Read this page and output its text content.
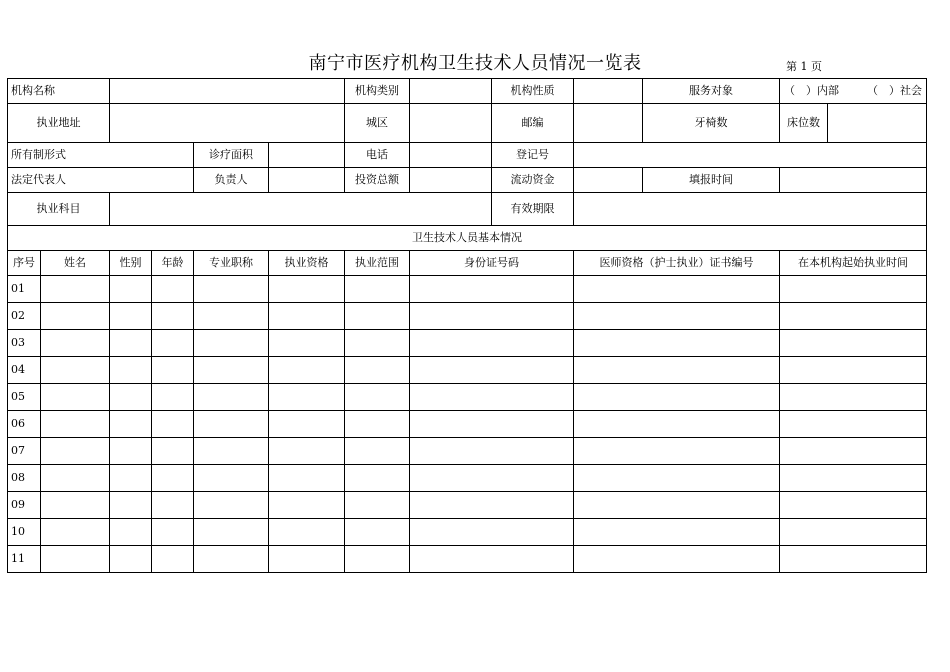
南宁市医疗机构卫生技术人员情况一览表	第 1 页
机构名称						机构类别		机构性质		服务对象	（　）内部 （　）社会	

执业地址						城区		邮编		牙椅数	床位数	
所有制形式				诊疗面积		电话		登记号				
法定代表人				负责人		投资总额		流动资金		填报时间		
执业科目								有效期限				
卫生技术人员基本情况												
序号	姓名	性别	年龄	专业职称	执业资格	执业范围	身份证号码		医师资格（护士执业）证书编号		在本机构起始执业时间	
01												
02												
03												
04												
05												
06												
07												
08												
09												
10												
11												
